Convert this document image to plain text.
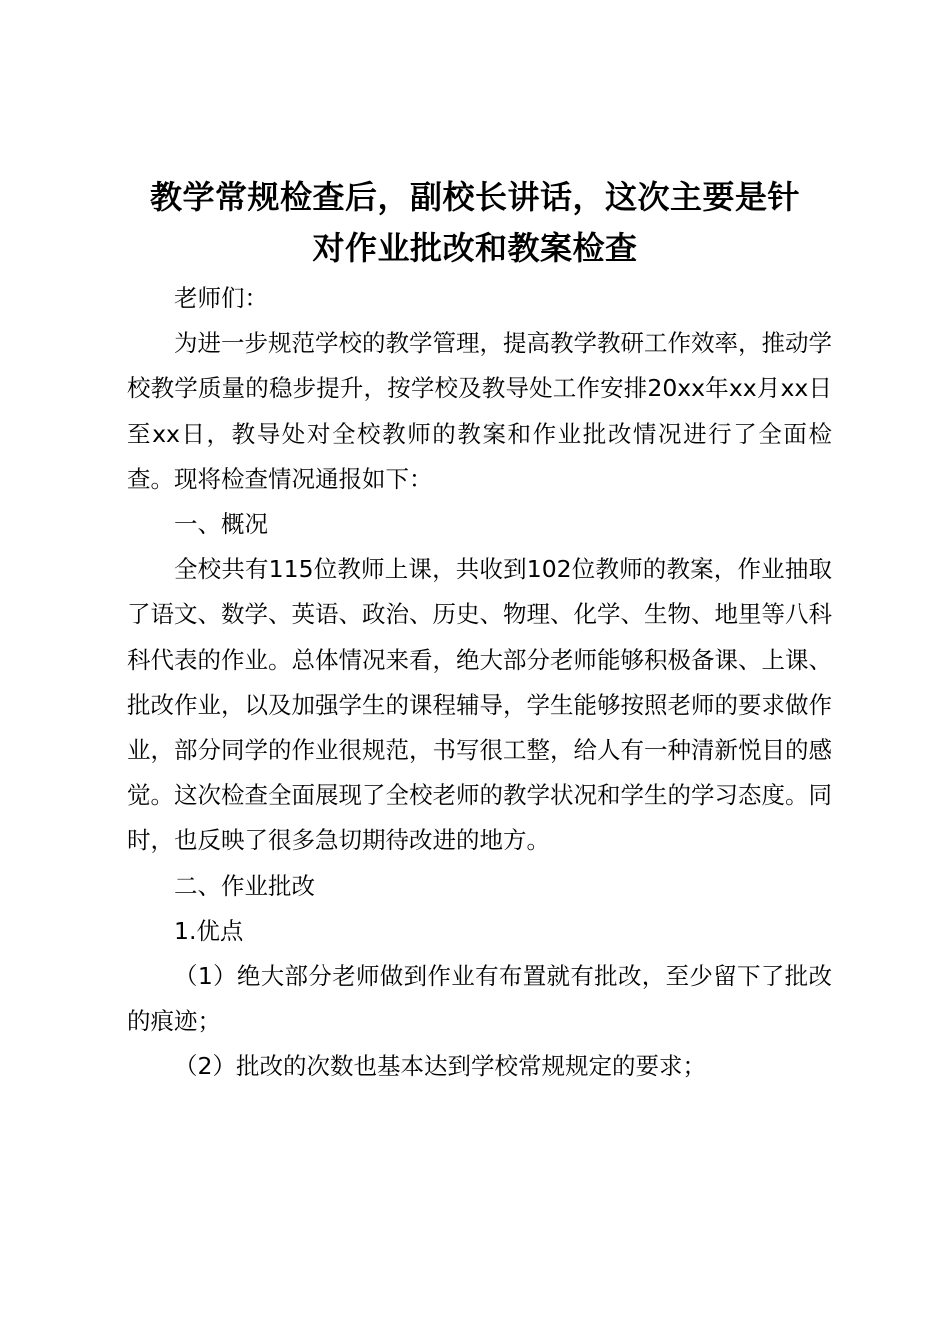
教学常规检查后，副校长讲话，这次主要是针
对作业批改和教案检查

老师们：

为进一步规范学校的教学管理，提高教学教研工作效率，推动学校教学质量的稳步提升，按学校及教导处工作安排20xx年xx月xx日至xx日，教导处对全校教师的教案和作业批改情况进行了全面检查。现将检查情况通报如下：

一、概况

全校共有115位教师上课，共收到102位教师的教案，作业抽取了语文、数学、英语、政治、历史、物理、化学、生物、地里等八科科代表的作业。总体情况来看，绝大部分老师能够积极备课、上课、批改作业，以及加强学生的课程辅导，学生能够按照老师的要求做作业，部分同学的作业很规范，书写很工整，给人有一种清新悦目的感觉。这次检查全面展现了全校老师的教学状况和学生的学习态度。同时，也反映了很多急切期待改进的地方。

二、作业批改

1.优点

（1）绝大部分老师做到作业有布置就有批改，至少留下了批改的痕迹；

（2）批改的次数也基本达到学校常规规定的要求；
